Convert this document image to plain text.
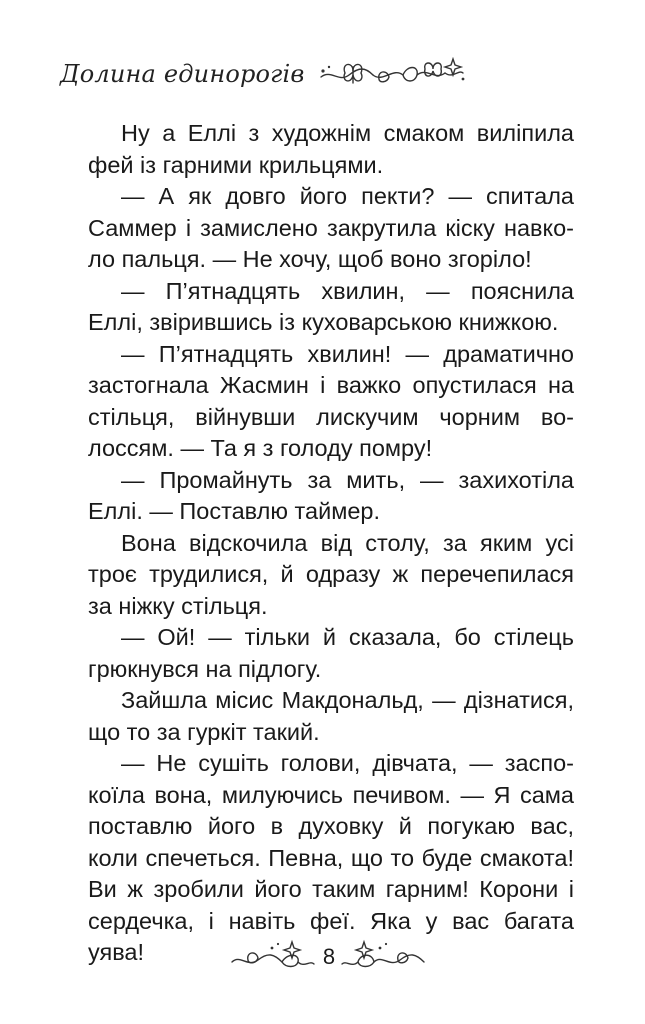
Долина единорогів

Ну а Еллі з художнім смаком виліпила фей із гарними крильцями.

— А як довго його пекти? — спитала Саммер і замислено закрутила кіску навколо пальця. — Не хочу, щоб воно згоріло!

— П’ятнадцять хвилин, — пояснила Еллі, звірившись із куховарською книжкою.

— П’ятнадцять хвилин! — драматично застогнала Жасмин і важко опустилася на стільця, війнувши лискучим чорним волоссям. — Та я з голоду помру!

— Промайнуть за мить, — захихотіла Еллі. — Поставлю таймер.

Вона відскочила від столу, за яким усі троє трудилися, й одразу ж перечепилася за ніжку стільця.

— Ой! — тільки й сказала, бо стілець грюкнувся на підлогу.

Зайшла місис Макдональд, — дізнатися, що то за гуркіт такий.

— Не сушіть голови, дівчата, — заспокоїла вона, милуючись печивом. — Я сама поставлю його в духовку й погукаю вас, коли спечеться. Певна, що то буде смакота! Ви ж зробили його таким гарним! Корони і сердечка, і навіть феї. Яка у вас багата уява!	8
